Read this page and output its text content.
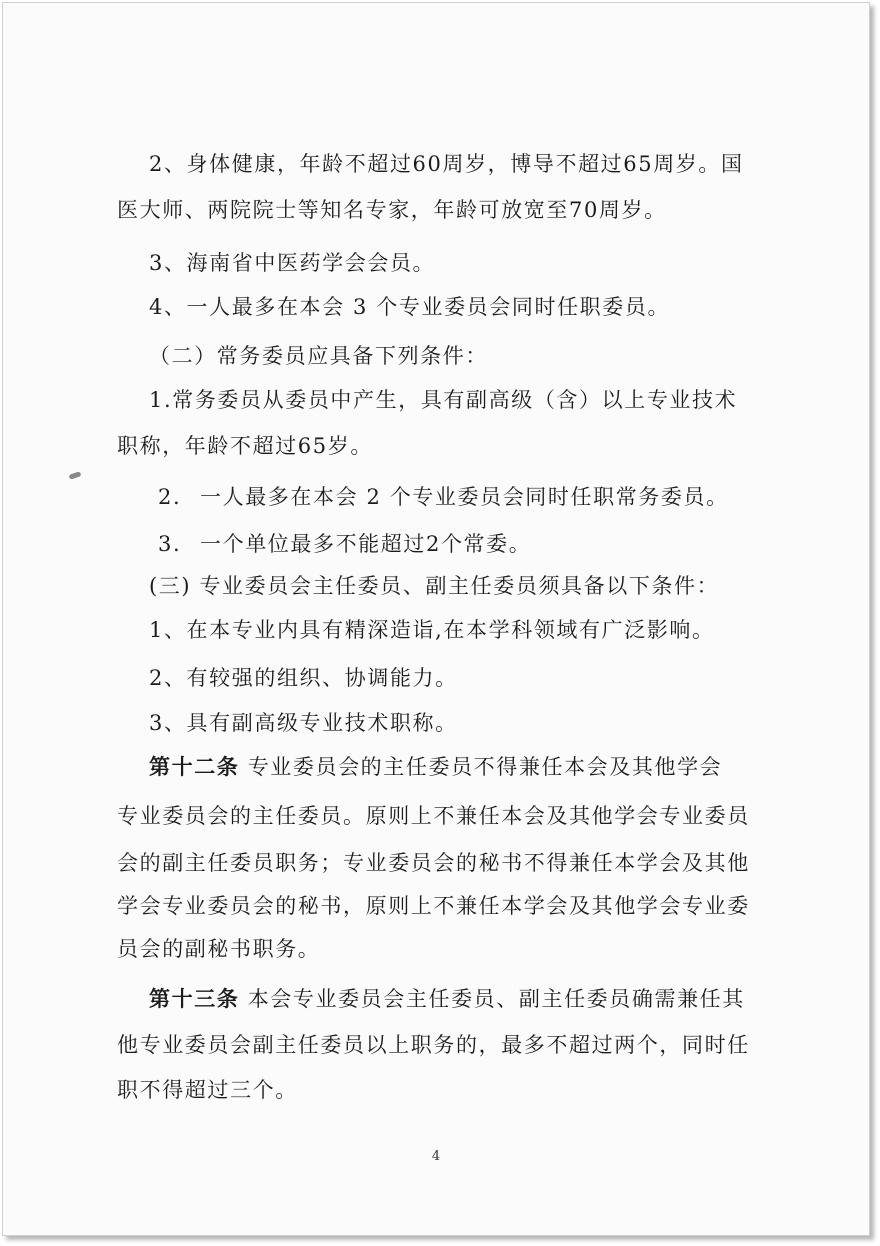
2、身体健康，年龄不超过60周岁，博导不超过65周岁。国

医大师、两院院士等知名专家，年龄可放宽至70周岁。

3、海南省中医药学会会员。

4、一人最多在本会 3 个专业委员会同时任职委员。

（二）常务委员应具备下列条件：

1.常务委员从委员中产生，具有副高级（含）以上专业技术

职称，年龄不超过65岁。

2. 一人最多在本会 2 个专业委员会同时任职常务委员。

3. 一个单位最多不能超过2个常委。

(三) 专业委员会主任委员、副主任委员须具备以下条件：

1、在本专业内具有精深造诣,在本学科领域有广泛影响。

2、有较强的组织、协调能力。

3、具有副高级专业技术职称。

第十二条 专业委员会的主任委员不得兼任本会及其他学会

专业委员会的主任委员。原则上不兼任本会及其他学会专业委员

会的副主任委员职务；专业委员会的秘书不得兼任本学会及其他

学会专业委员会的秘书，原则上不兼任本学会及其他学会专业委

员会的副秘书职务。

第十三条 本会专业委员会主任委员、副主任委员确需兼任其

他专业委员会副主任委员以上职务的，最多不超过两个，同时任

职不得超过三个。

4
